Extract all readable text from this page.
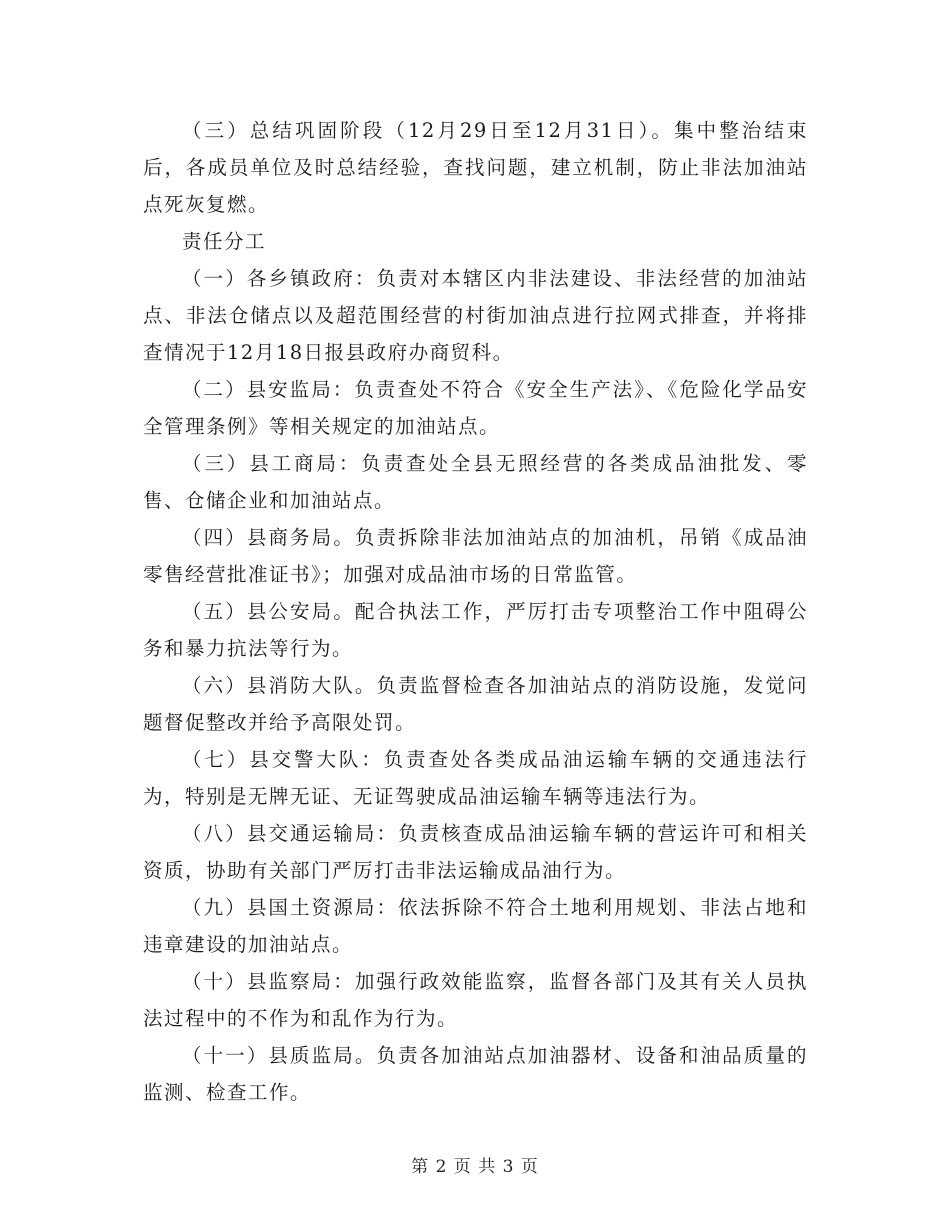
（三）总结巩固阶段（12月29日至12月31日）。集中整治结束后，各成员单位及时总结经验，查找问题，建立机制，防止非法加油站点死灰复燃。

责任分工

（一）各乡镇政府：负责对本辖区内非法建设、非法经营的加油站点、非法仓储点以及超范围经营的村街加油点进行拉网式排查，并将排查情况于12月18日报县政府办商贸科。

（二）县安监局：负责查处不符合《安全生产法》、《危险化学品安全管理条例》等相关规定的加油站点。

（三）县工商局：负责查处全县无照经营的各类成品油批发、零售、仓储企业和加油站点。

（四）县商务局。负责拆除非法加油站点的加油机，吊销《成品油零售经营批准证书》；加强对成品油市场的日常监管。

（五）县公安局。配合执法工作，严厉打击专项整治工作中阻碍公务和暴力抗法等行为。

（六）县消防大队。负责监督检查各加油站点的消防设施，发觉问题督促整改并给予高限处罚。

（七）县交警大队：负责查处各类成品油运输车辆的交通违法行为，特别是无牌无证、无证驾驶成品油运输车辆等违法行为。

（八）县交通运输局：负责核查成品油运输车辆的营运许可和相关资质，协助有关部门严厉打击非法运输成品油行为。

（九）县国土资源局：依法拆除不符合土地利用规划、非法占地和违章建设的加油站点。

（十）县监察局：加强行政效能监察，监督各部门及其有关人员执法过程中的不作为和乱作为行为。

（十一）县质监局。负责各加油站点加油器材、设备和油品质量的监测、检查工作。

第 2 页 共 3 页
